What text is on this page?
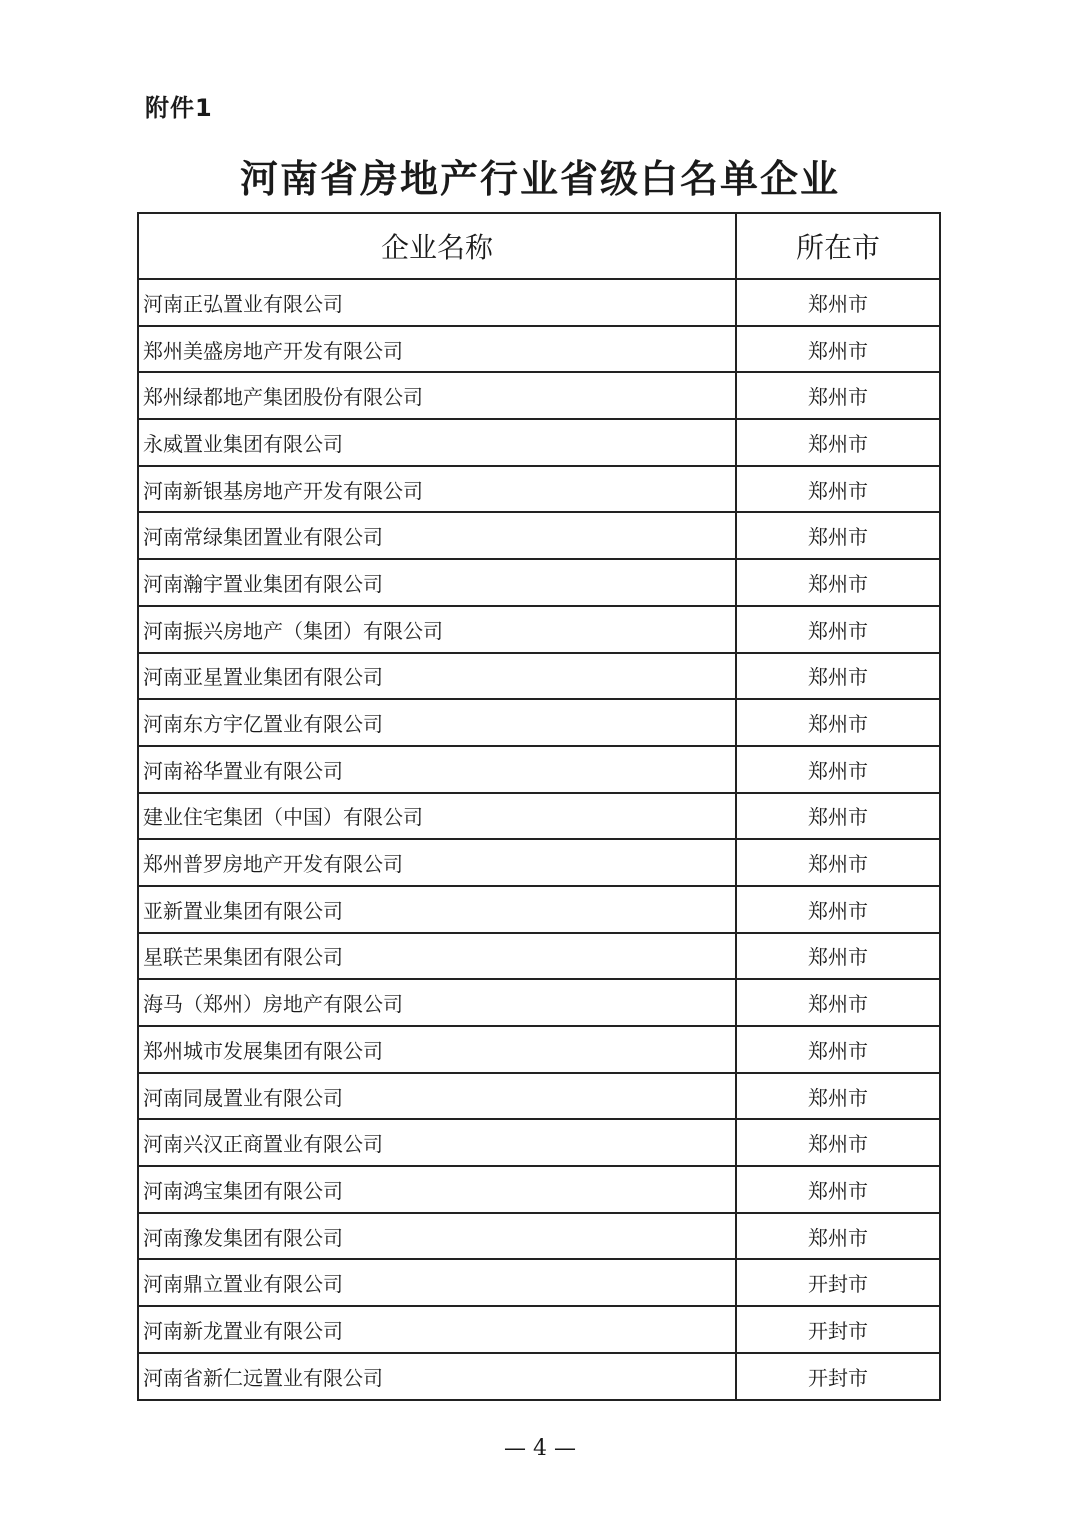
附件1
河南省房地产行业省级白名单企业
企业名称	所在市
河南正弘置业有限公司	郑州市
郑州美盛房地产开发有限公司	郑州市
郑州绿都地产集团股份有限公司	郑州市
永威置业集团有限公司	郑州市
河南新银基房地产开发有限公司	郑州市
河南常绿集团置业有限公司	郑州市
河南瀚宇置业集团有限公司	郑州市
河南振兴房地产（集团）有限公司	郑州市
河南亚星置业集团有限公司	郑州市
河南东方宇亿置业有限公司	郑州市
河南裕华置业有限公司	郑州市
建业住宅集团（中国）有限公司	郑州市
郑州普罗房地产开发有限公司	郑州市
亚新置业集团有限公司	郑州市
星联芒果集团有限公司	郑州市
海马（郑州）房地产有限公司	郑州市
郑州城市发展集团有限公司	郑州市
河南同晟置业有限公司	郑州市
河南兴汉正商置业有限公司	郑州市
河南鸿宝集团有限公司	郑州市
河南豫发集团有限公司	郑州市
河南鼎立置业有限公司	开封市
河南新龙置业有限公司	开封市
河南省新仁远置业有限公司	开封市
— 4 —
